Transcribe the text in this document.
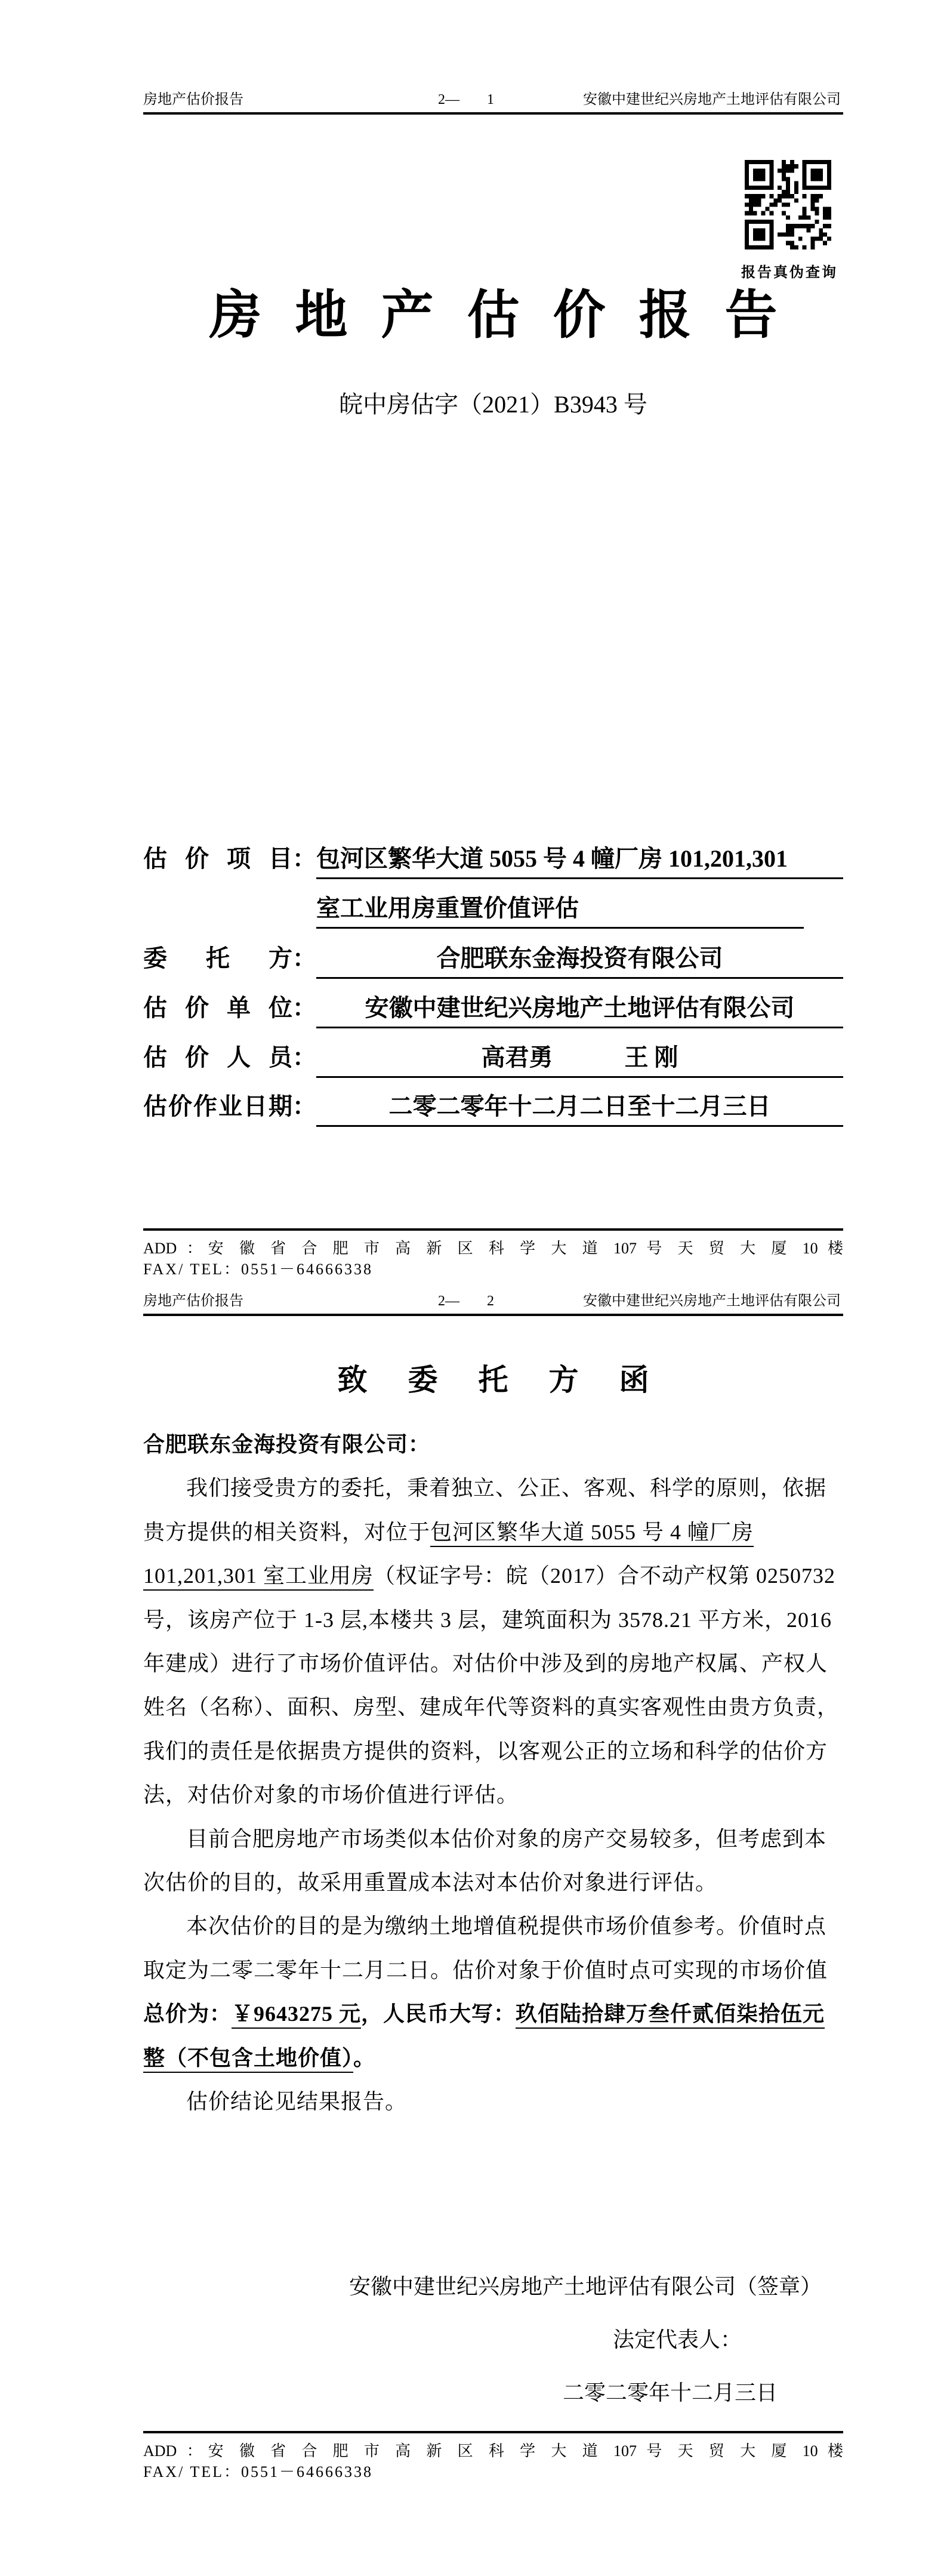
房地产估价报告	2— 1	安徽中建世纪兴房地产土地评估有限公司
报告真伪查询
房地产估价报告
皖中房估字（2021）B3943 号
估价项目：包河区繁华大道 5055 号 4 幢厂房 101,201,301
室工业用房重置价值评估
委托方：	合肥联东金海投资有限公司
估价单位： 安徽中建世纪兴房地产土地评估有限公司
估价人员：	高君勇　　　王 刚
估价作业日期：	二零二零年十二月二日至十二月三日
ADD ：安 徽 省 合 肥 市 高 新 区 科 学 大 道 107 号 天 贸 大 厦 10 楼
FAX/ TEL：0551－64666338
房地产估价报告	2— 2	安徽中建世纪兴房地产土地评估有限公司
致委托方函
合肥联东金海投资有限公司：
我们接受贵方的委托，秉着独立、公正、客观、科学的原则，依据
贵方提供的相关资料，对位于包河区繁华大道 5055 号 4 幢厂房
101,201,301 室工业用房（权证字号：皖（2017）合不动产权第 0250732
号，该房产位于 1-3 层,本楼共 3 层，建筑面积为 3578.21 平方米，2016
年建成）进行了市场价值评估。对估价中涉及到的房地产权属、产权人
姓名（名称）、面积、房型、建成年代等资料的真实客观性由贵方负责，
我们的责任是依据贵方提供的资料，以客观公正的立场和科学的估价方
法，对估价对象的市场价值进行评估。
目前合肥房地产市场类似本估价对象的房产交易较多，但考虑到本
次估价的目的，故采用重置成本法对本估价对象进行评估。
本次估价的目的是为缴纳土地增值税提供市场价值参考。价值时点
取定为二零二零年十二月二日。估价对象于价值时点可实现的市场价值
总价为：￥9643275 元，人民币大写：玖佰陆拾肆万叁仟贰佰柒拾伍元
整（不包含土地价值）。
估价结论见结果报告。
安徽中建世纪兴房地产土地评估有限公司（签章）
法定代表人：
二零二零年十二月三日
ADD ：安 徽 省 合 肥 市 高 新 区 科 学 大 道 107 号 天 贸 大 厦 10 楼
FAX/ TEL：0551－64666338
